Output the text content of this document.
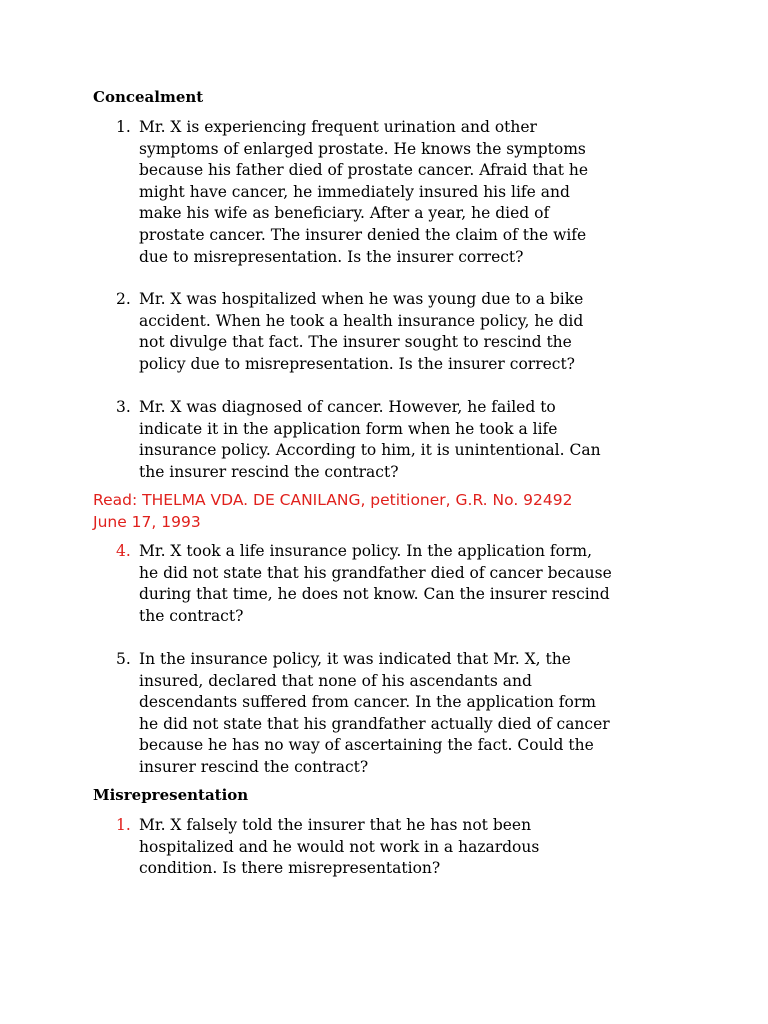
Concealment
1. Mr. X is experiencing frequent urination and other
symptoms of enlarged prostate. He knows the symptoms
because his father died of prostate cancer. Afraid that he
might have cancer, he immediately insured his life and
make his wife as beneficiary. After a year, he died of
prostate cancer. The insurer denied the claim of the wife
due to misrepresentation. Is the insurer correct?
2. Mr. X was hospitalized when he was young due to a bike
accident. When he took a health insurance policy, he did
not divulge that fact. The insurer sought to rescind the
policy due to misrepresentation. Is the insurer correct?
3. Mr. X was diagnosed of cancer. However, he failed to
indicate it in the application form when he took a life
insurance policy. According to him, it is unintentional. Can
the insurer rescind the contract?
Read: THELMA VDA. DE CANILANG, petitioner, G.R. No. 92492
June 17, 1993
4. Mr. X took a life insurance policy. In the application form,
he did not state that his grandfather died of cancer because
during that time, he does not know. Can the insurer rescind
the contract?
5. In the insurance policy, it was indicated that Mr. X, the
insured, declared that none of his ascendants and
descendants suffered from cancer. In the application form
he did not state that his grandfather actually died of cancer
because he has no way of ascertaining the fact. Could the
insurer rescind the contract?
Misrepresentation
1. Mr. X falsely told the insurer that he has not been
hospitalized and he would not work in a hazardous
condition. Is there misrepresentation?
